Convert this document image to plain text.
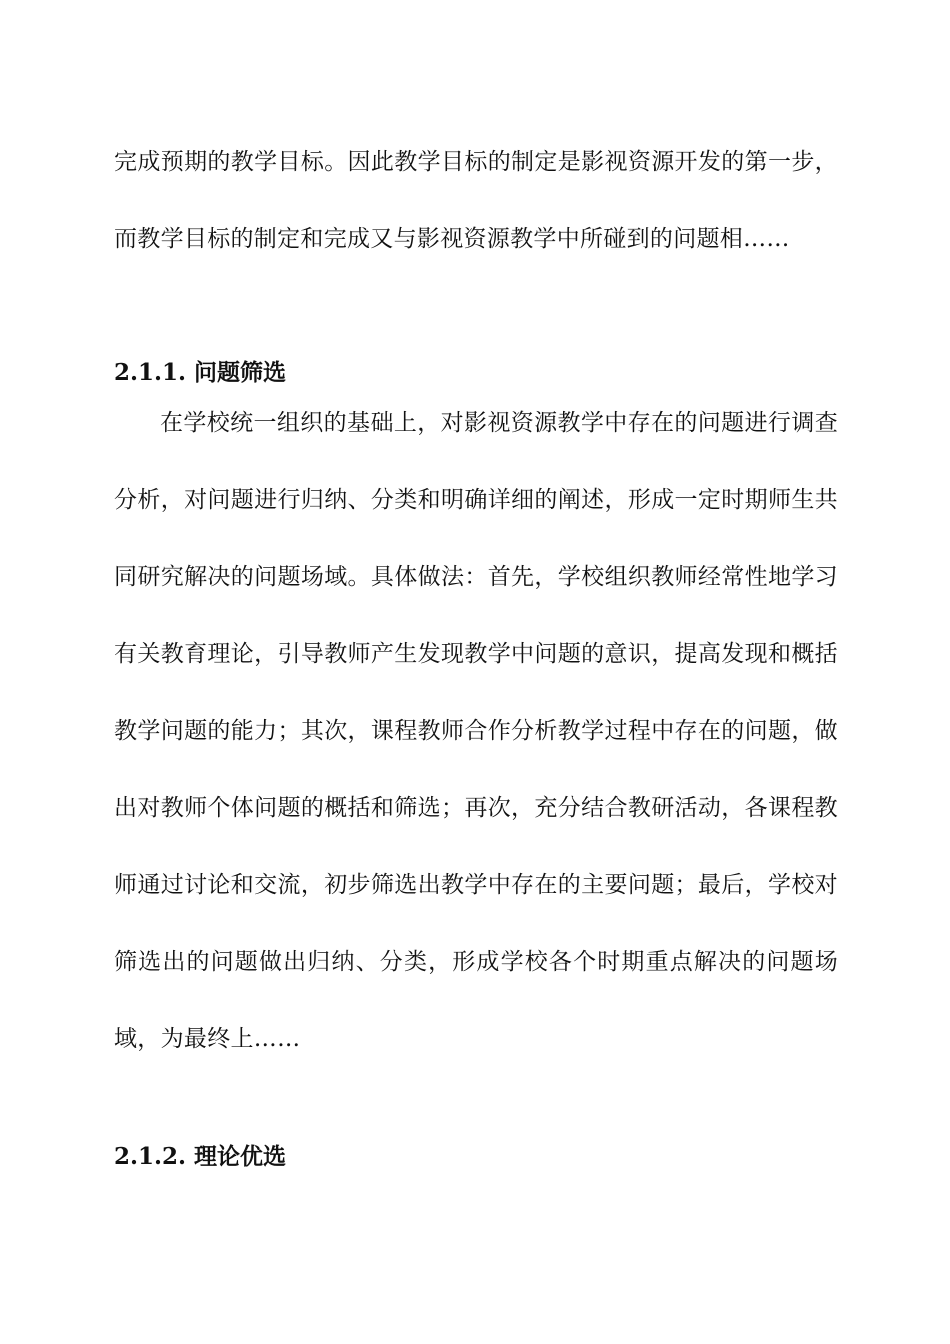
完成预期的教学目标。因此教学目标的制定是影视资源开发的第一步，而教学目标的制定和完成又与影视资源教学中所碰到的问题相……

2.1.1. 问题筛选

在学校统一组织的基础上，对影视资源教学中存在的问题进行调查分析，对问题进行归纳、分类和明确详细的阐述，形成一定时期师生共同研究解决的问题场域。具体做法：首先，学校组织教师经常性地学习有关教育理论，引导教师产生发现教学中问题的意识，提高发现和概括教学问题的能力；其次，课程教师合作分析教学过程中存在的问题，做出对教师个体问题的概括和筛选；再次，充分结合教研活动，各课程教师通过讨论和交流，初步筛选出教学中存在的主要问题；最后，学校对筛选出的问题做出归纳、分类，形成学校各个时期重点解决的问题场域，为最终上……

2.1.2. 理论优选
